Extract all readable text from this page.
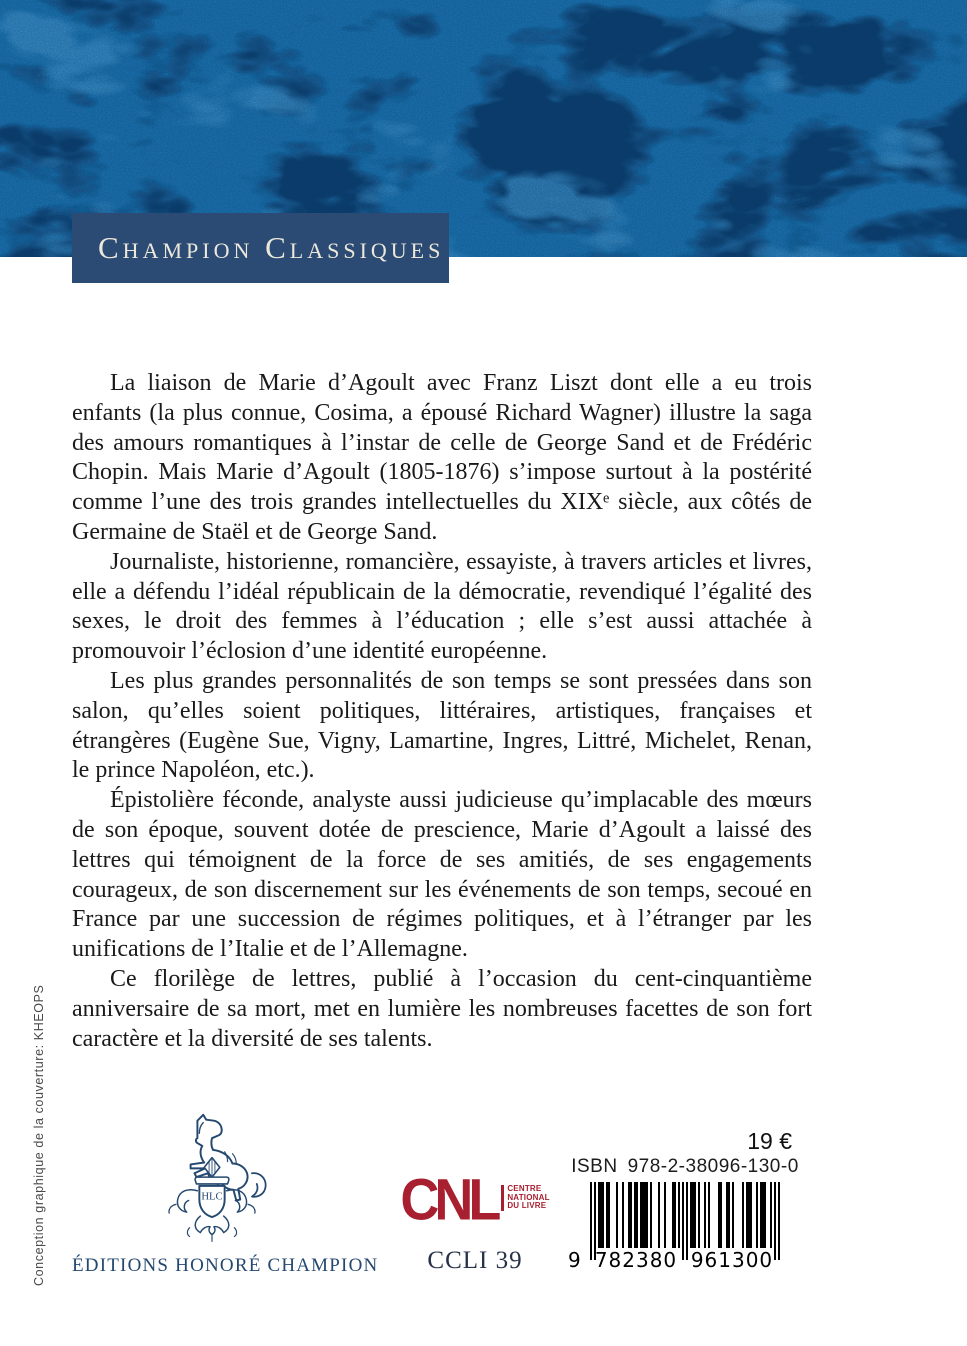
Champion Classiques

La liaison de Marie d’Agoult avec Franz Liszt dont elle a eu trois enfants (la plus connue, Cosima, a épousé Richard Wagner) illustre la saga des amours romantiques à l’instar de celle de George Sand et de Frédéric Chopin. Mais Marie d’Agoult (1805-1876) s’impose surtout à la postérité comme l’une des trois grandes intellectuelles du XIXᵉ siècle, aux côtés de Germaine de Staël et de George Sand.

Journaliste, historienne, romancière, essayiste, à travers articles et livres, elle a défendu l’idéal républicain de la démocratie, revendiqué l’égalité des sexes, le droit des femmes à l’éducation ; elle s’est aussi attachée à promouvoir l’éclosion d’une identité européenne.

Les plus grandes personnalités de son temps se sont pressées dans son salon, qu’elles soient politiques, littéraires, artistiques, françaises et étrangères (Eugène Sue, Vigny, Lamartine, Ingres, Littré, Michelet, Renan, le prince Napoléon, etc.).

Épistolière féconde, analyste aussi judicieuse qu’implacable des mœurs de son époque, souvent dotée de prescience, Marie d’Agoult a laissé des lettres qui témoignent de la force de ses amitiés, de ses engagements courageux, de son discernement sur les événements de son temps, secoué en France par une succession de régimes politiques, et à l’étranger par les unifications de l’Italie et de l’Allemagne.

Ce florilège de lettres, publié à l’occasion du cent-cinquantième anniversaire de sa mort, met en lumière les nombreuses facettes de son fort caractère et la diversité de ses talents.

Conception graphique de la couverture: KHEOPS	HLC
ÉDITIONS HONORÉ CHAMPION
CNL CENTRE
NATIONAL
DU LIVRE
CCLI 39
19 €
ISBN 978-2-38096-130-0
9 782380 961300
